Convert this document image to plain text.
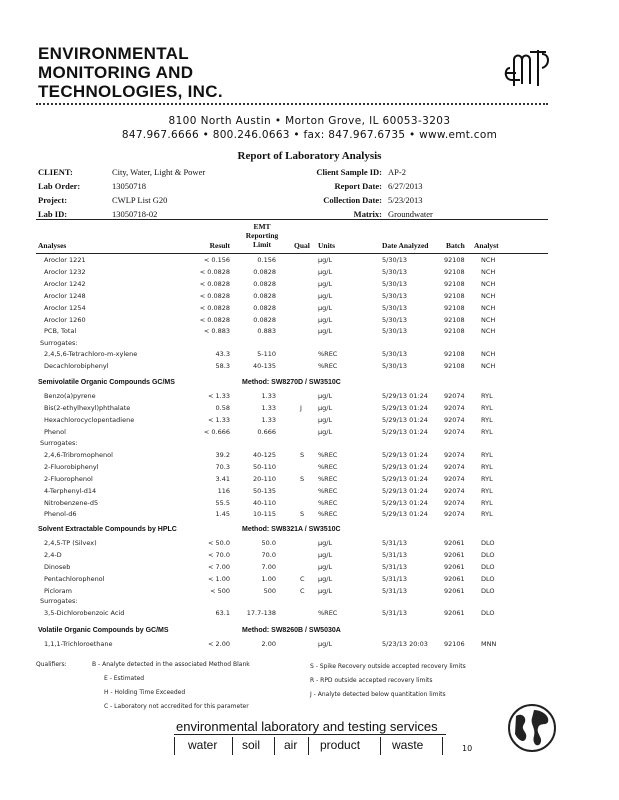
ENVIRONMENTAL
MONITORING AND
TECHNOLOGIES, INC.
8100 North Austin • Morton Grove, IL 60053-3203
847.967.6666 • 800.246.0663 • fax: 847.967.6735 • www.emt.com
Report of Laboratory Analysis
CLIENT:	City, Water, Light & Power
Lab Order:	13050718
Project:	CWLP List G20
Lab ID:	13050718-02
Client Sample ID: AP-2
Report Date: 6/27/2013
Collection Date: 5/23/2013
Matrix: Groundwater
Analyses	Result
EMT
Reporting
Limit	Qual Units	Date Analyzed Batch Analyst
Aroclor 1221	< 0.156	0.156	µg/L	5/30/13	92108	NCH
Aroclor 1232	< 0.0828	0.0828	µg/L	5/30/13	92108	NCH
Aroclor 1242	< 0.0828	0.0828	µg/L	5/30/13	92108	NCH
Aroclor 1248	< 0.0828	0.0828	µg/L	5/30/13	92108	NCH
Aroclor 1254	< 0.0828	0.0828	µg/L	5/30/13	92108	NCH
Aroclor 1260	< 0.0828	0.0828	µg/L	5/30/13	92108	NCH
PCB, Total	< 0.883	0.883	µg/L	5/30/13	92108	NCH
Surrogates:
2,4,5,6-Tetrachloro-m-xylene	43.3	5-110	%REC	5/30/13	92108	NCH
Decachlorobiphenyl	58.3	40-135	%REC	5/30/13	92108	NCH
Semivolatile Organic Compounds GC/MS	Method: SW8270D / SW3510C
Benzo(a)pyrene	< 1.33	1.33	µg/L	5/29/13 01:24 92074	RYL
Bis(2-ethylhexyl)phthalate	0.58	1.33	J µg/L	5/29/13 01:24 92074	RYL
Hexachlorocyclopentadiene	< 1.33	1.33	µg/L	5/29/13 01:24 92074	RYL
Phenol	< 0.666	0.666	µg/L	5/29/13 01:24 92074	RYL
Surrogates:
2,4,6-Tribromophenol	39.2	40-125	S %REC	5/29/13 01:24 92074	RYL
2-Fluorobiphenyl	70.3	50-110	%REC	5/29/13 01:24 92074	RYL
2-Fluorophenol	3.41	20-110	S %REC	5/29/13 01:24 92074	RYL
4-Terphenyl-d14	116	50-135	%REC	5/29/13 01:24 92074	RYL
Nitrobenzene-d5	55.5	40-110	%REC	5/29/13 01:24 92074	RYL
Phenol-d6	1.45	10-115	S %REC	5/29/13 01:24 92074	RYL
Solvent Extractable Compounds by HPLC	Method: SW8321A / SW3510C
2,4,5-TP (Silvex)	< 50.0	50.0	µg/L	5/31/13	92061	DLO
2,4-D	< 70.0	70.0	µg/L	5/31/13	92061	DLO
Dinoseb	< 7.00	7.00	µg/L	5/31/13	92061	DLO
Pentachlorophenol	< 1.00	1.00	C µg/L	5/31/13	92061	DLO
Picloram	< 500	500	C µg/L	5/31/13	92061	DLO
Surrogates:
3,5-Dichlorobenzoic Acid	63.1	17.7-138	%REC	5/31/13	92061	DLO
Volatile Organic Compounds by GC/MS	Method: SW8260B / SW5030A
1,1,1-Trichloroethane	< 2.00	2.00	µg/L	5/23/13 20:03 92106	MNN
Qualifiers:	B - Analyte detected in the associated Method Blank
E - Estimated
H - Holding Time Exceeded
C - Laboratory not accredited for this parameter
S - Spike Recovery outside accepted recovery limits
R - RPD outside accepted recovery limits
J - Analyte detected below quantitation limits
environmental laboratory and testing services
water soil air product	waste	10
